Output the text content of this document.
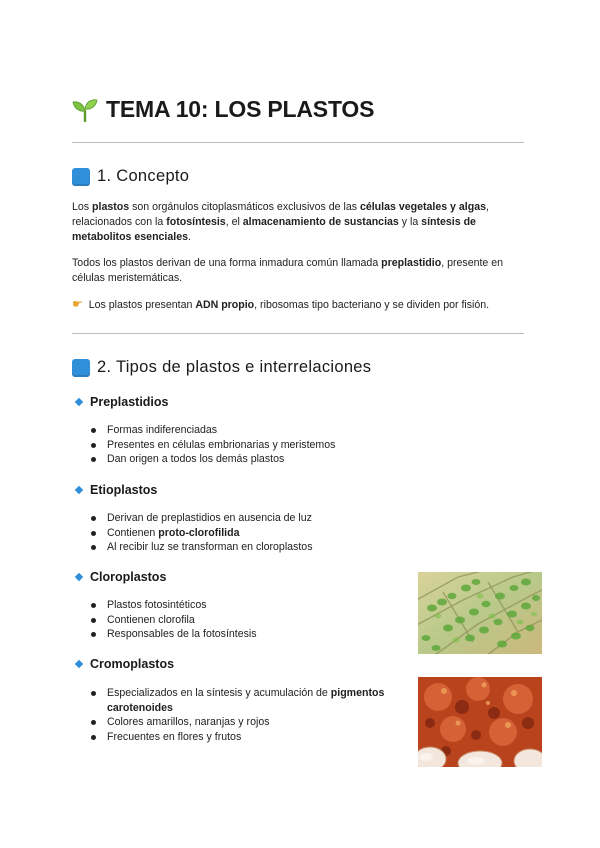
TEMA 10: LOS PLASTOS
1. Concepto

Los plastos son orgánulos citoplasmáticos exclusivos de las células vegetales y algas, relacionados con la fotosíntesis, el almacenamiento de sustancias y la síntesis de metabolitos esenciales.

Todos los plastos derivan de una forma inmadura común llamada preplastidio, presente en células meristemáticas.

☛ Los plastos presentan ADN propio, ribosomas tipo bacteriano y se dividen por fisión.

2. Tipos de plastos e interrelaciones
Preplastidios
Formas indiferenciadas
Presentes en células embrionarias y meristemos
Dan origen a todos los demás plastos
Etioplastos
Derivan de preplastidios en ausencia de luz
Contienen proto-clorofilida
Al recibir luz se transforman en cloroplastos
Cloroplastos
Plastos fotosintéticos
Contienen clorofila
Responsables de la fotosíntesis
Cromoplastos
Especializados en la síntesis y acumulación de pigmentos carotenoides
Colores amarillos, naranjas y rojos
Frecuentes en flores y frutos
